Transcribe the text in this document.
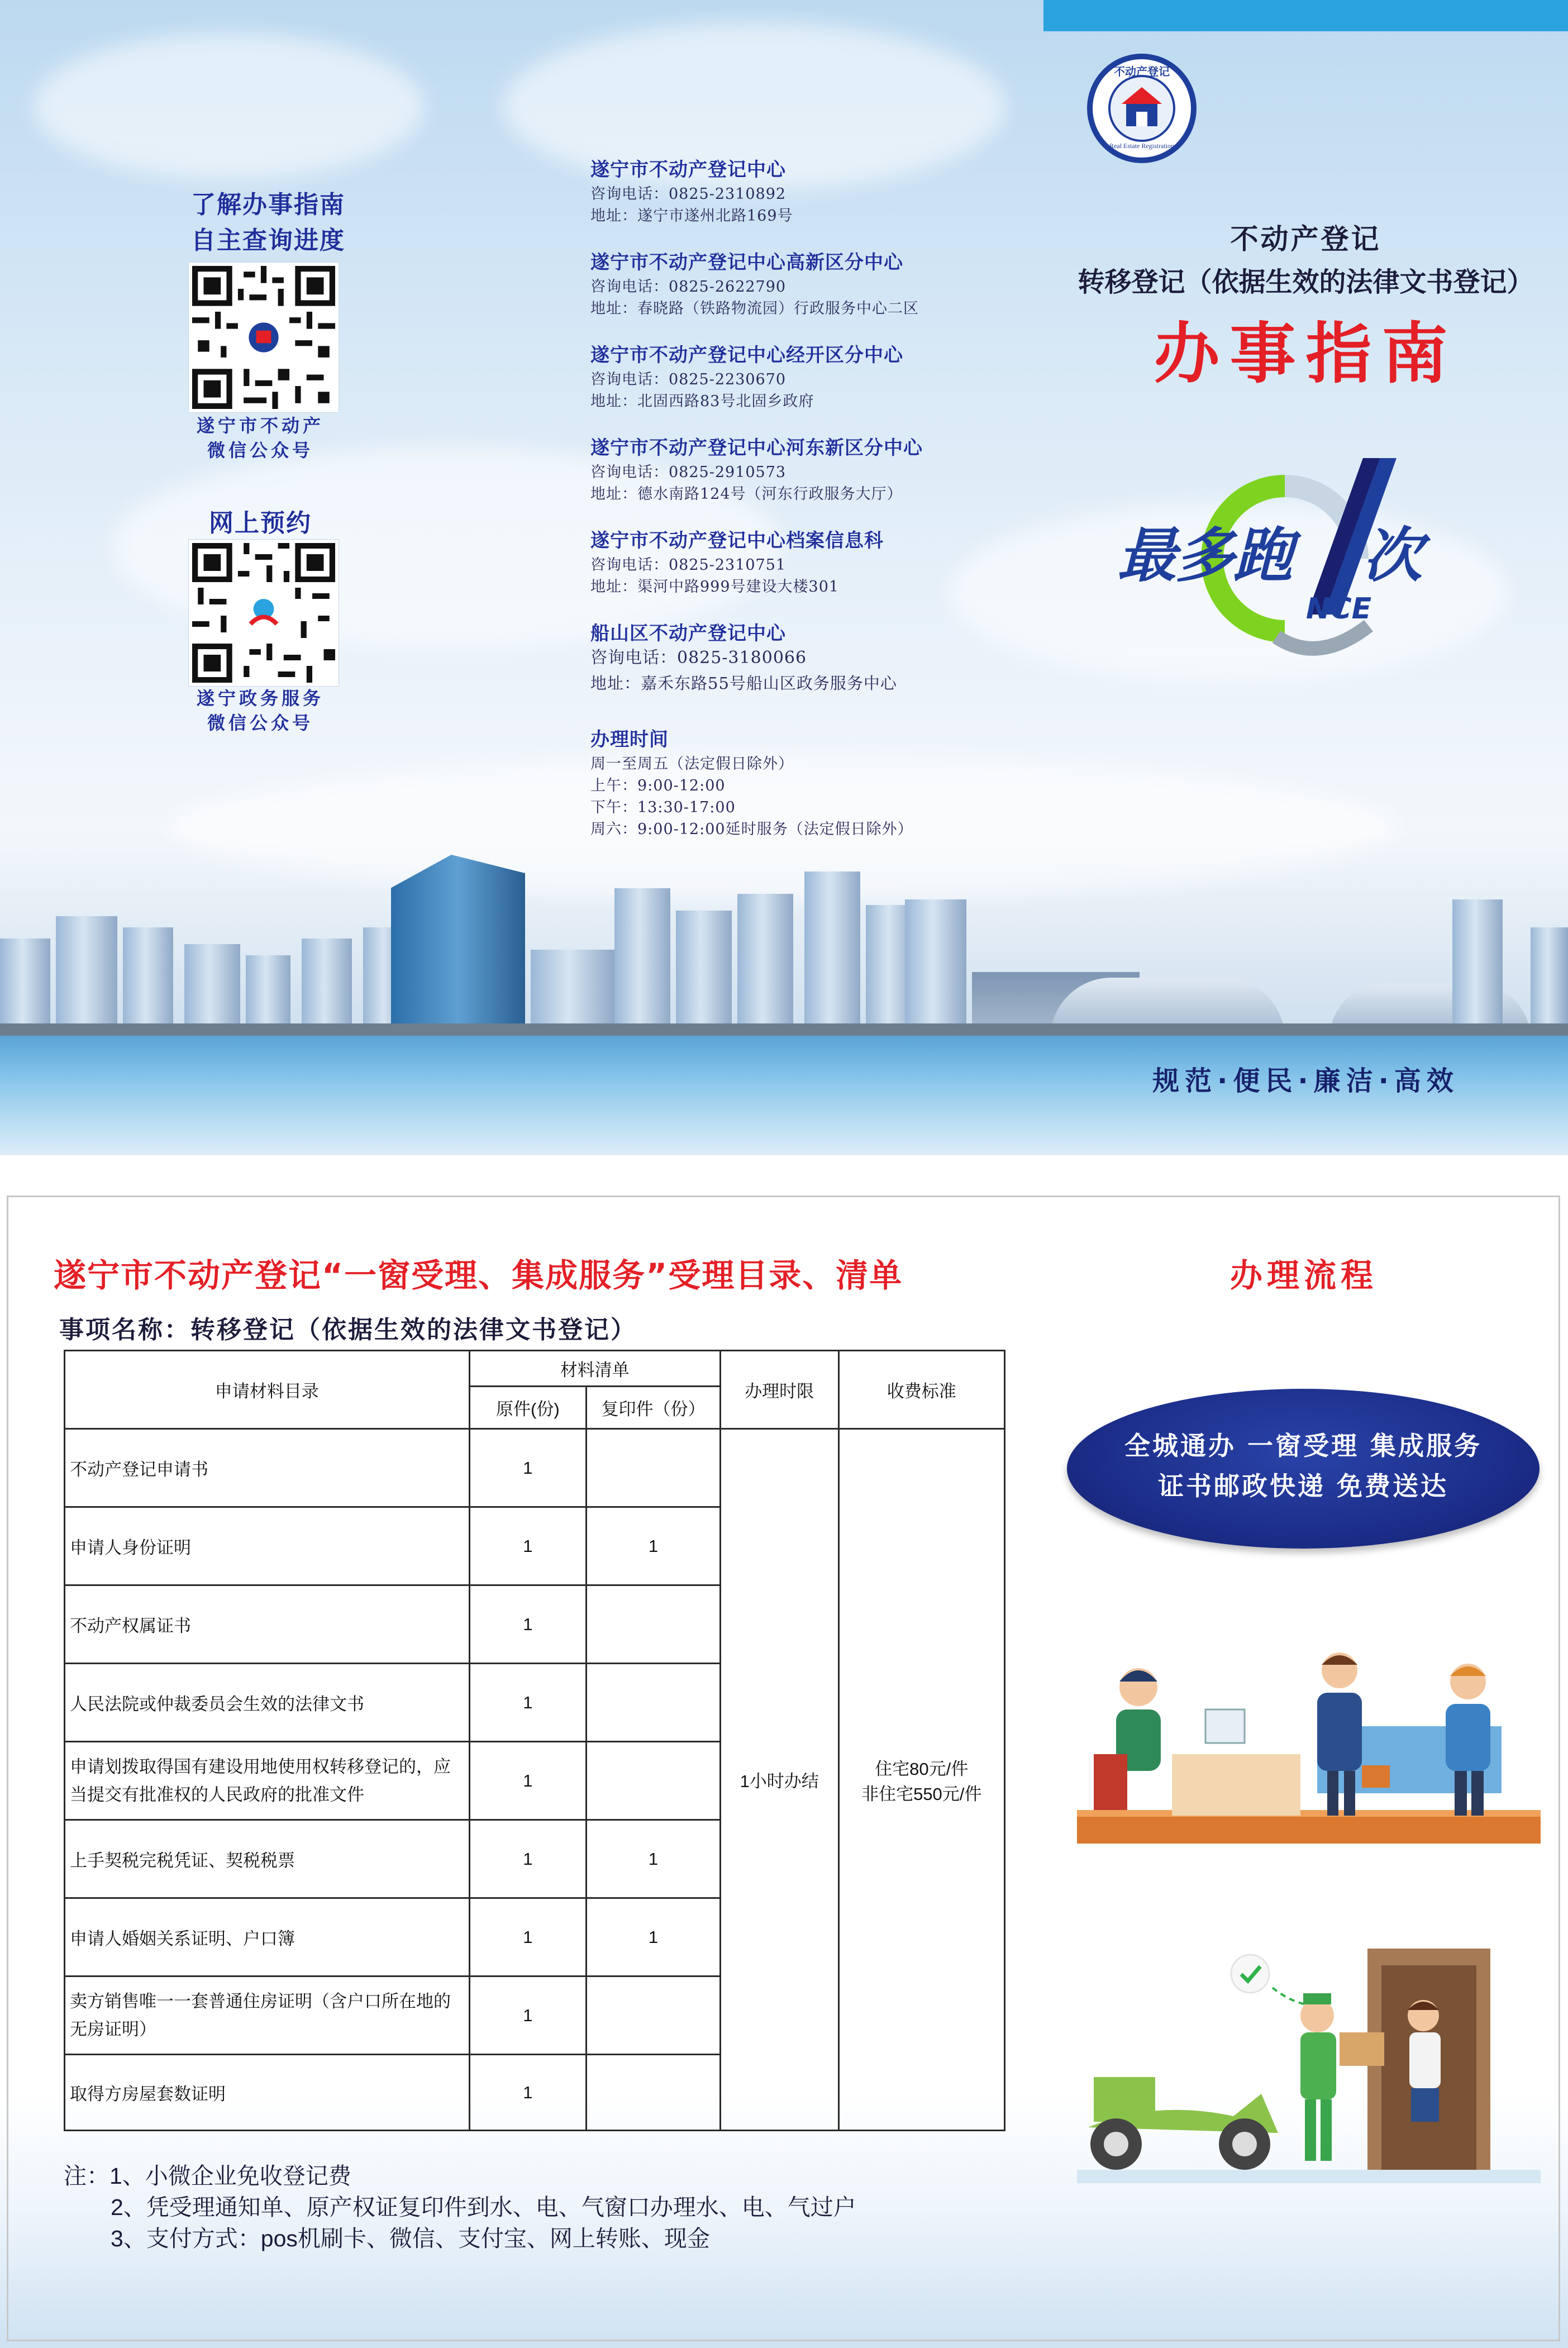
了解办事指南
自主查询进度
遂宁市不动产
微信公众号
网上预约
遂宁政务服务
微信公众号
遂宁市不动产登记中心
咨询电话：0825-2310892
地址：遂宁市遂州北路169号
遂宁市不动产登记中心高新区分中心
咨询电话：0825-2622790
地址：春晓路（铁路物流园）行政服务中心二区
遂宁市不动产登记中心经开区分中心
咨询电话：0825-2230670
地址：北固西路83号北固乡政府
遂宁市不动产登记中心河东新区分中心
咨询电话：0825-2910573
地址：德水南路124号（河东行政服务大厅）
遂宁市不动产登记中心档案信息科
咨询电话：0825-2310751
地址：渠河中路999号建设大楼301
船山区不动产登记中心
咨询电话：0825-3180066
地址：嘉禾东路55号船山区政务服务中心
办理时间
周一至周五（法定假日除外）
上午：9:00-12:00
下午：13:30-17:00
周六：9:00-12:00延时服务（法定假日除外）
不动产登记
Real Estate Registration
不动产登记
转移登记（依据生效的法律文书登记）
办事指南
最多跑 次
NCE
规范·便民·廉洁·高效
遂宁市不动产登记“一窗受理、集成服务”受理目录、清单
事项名称：转移登记（依据生效的法律文书登记）
申请材料目录	材料清单		办理时限	收费标准
	原件(份)	复印件（份）		
不动产登记申请书	1		1小时办结	住宅80元/件
非住宅550元/件

申请人身份证明	1	1		
不动产权属证书	1			
人民法院或仲裁委员会生效的法律文书	1			
申请划拨取得国有建设用地使用权转移登记的，应当提交有批准权的人民政府的批准文件	1			
上手契税完税凭证、契税税票	1	1		
申请人婚姻关系证明、户口簿	1	1		
卖方销售唯一一套普通住房证明（含户口所在地的无房证明）	1			
取得方房屋套数证明	1			
注：1、小微企业免收登记费
2、凭受理通知单、原产权证复印件到水、电、气窗口办理水、电、气过户
3、支付方式：pos机刷卡、微信、支付宝、网上转账、现金
办理流程
全城通办 一窗受理 集成服务
证书邮政快递 免费送达
